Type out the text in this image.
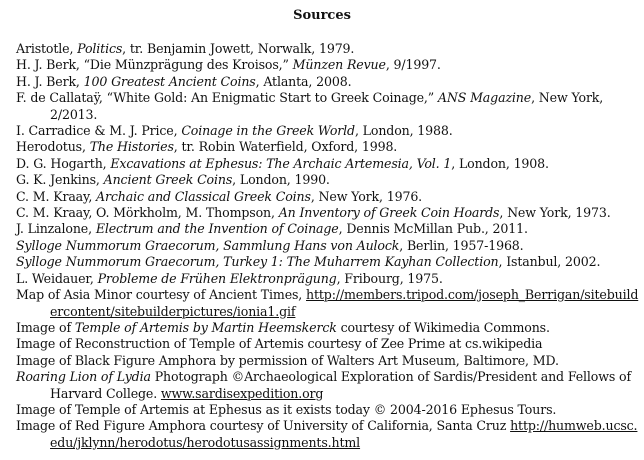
Sources
Aristotle, Politics, tr. Benjamin Jowett, Norwalk, 1979.
H. J. Berk, “Die Münzprägung des Kroisos,” Münzen Revue, 9/1997.
H. J. Berk, 100 Greatest Ancient Coins, Atlanta, 2008.
F. de Callataÿ, “White Gold: An Enigmatic Start to Greek Coinage,” ANS Magazine, New York, 2/2013.
I. Carradice & M. J. Price, Coinage in the Greek World, London, 1988.
Herodotus, The Histories, tr. Robin Waterfield, Oxford, 1998.
D. G. Hogarth, Excavations at Ephesus: The Archaic Artemesia, Vol. 1, London, 1908.
G. K. Jenkins, Ancient Greek Coins, London, 1990.
C. M. Kraay, Archaic and Classical Greek Coins, New York, 1976.
C. M. Kraay, O. Mörkholm, M. Thompson, An Inventory of Greek Coin Hoards, New York, 1973.
J. Linzalone, Electrum and the Invention of Coinage, Dennis McMillan Pub., 2011.
Sylloge Nummorum Graecorum, Sammlung Hans von Aulock, Berlin, 1957-1968.
Sylloge Nummorum Graecorum, Turkey 1: The Muharrem Kayhan Collection, Istanbul, 2002.
L. Weidauer, Probleme de Frühen Elektronprägung, Fribourg, 1975.
Map of Asia Minor courtesy of Ancient Times, http://members.tripod.com/joseph_Berrigan/sitebuildercontent/sitebuilderpictures/ionia1.gif
Image of Temple of Artemis by Martin Heemskerck courtesy of Wikimedia Commons.
Image of Reconstruction of Temple of Artemis courtesy of Zee Prime at cs.wikipedia
Image of Black Figure Amphora by permission of Walters Art Museum, Baltimore, MD.
Roaring Lion of Lydia Photograph ©Archaeological Exploration of Sardis/President and Fellows of Harvard College. www.sardisexpedition.org
Image of Temple of Artemis at Ephesus as it exists today © 2004-2016 Ephesus Tours.
Image of Red Figure Amphora courtesy of University of California, Santa Cruz http://humweb.ucsc.edu/jklynn/herodotus/herodotusassignments.html
